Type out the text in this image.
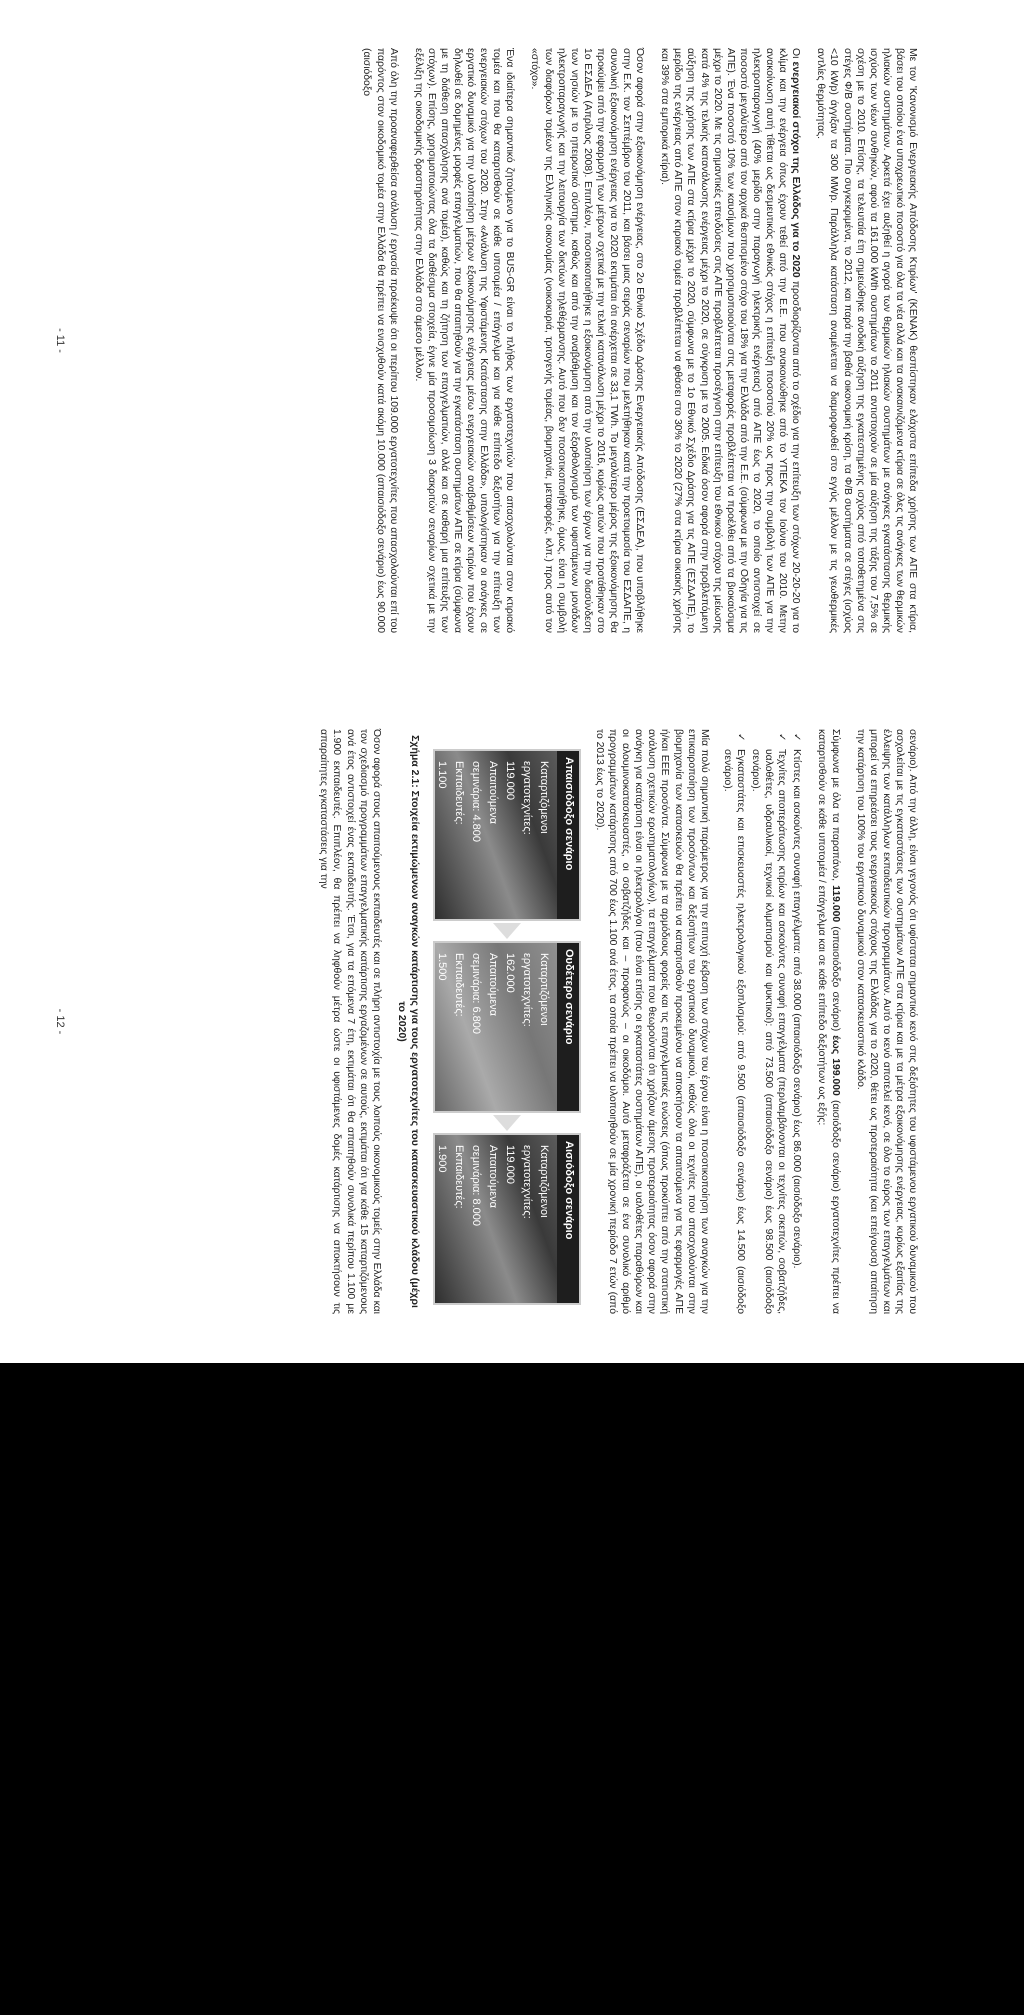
Με τον 'Κανονισμό Ενεργειακής Απόδοσης Κτιρίων' (ΚΕΝΑΚ) θεσπίστηκαν ελάχιστα επίπεδα χρήσης των ΑΠΕ στα κτίρια, βάσει του οποίου ένα υποχρεωτικό ποσοστό για όλα τα νέα αλλά και τα ανακαινιζόμενα κτίρια σε όλες τις ανάγκες των θερμικών ηλιακών συστημάτων. Αρκετά έχει αυξηθεί η αγορά των θερμικών ηλιακών συστημάτων με ανάγκες εγκατάστασης θερμικής ισχύος των νέων συνθηκών, αφού τα 161.000 kWth συστημάτων το 2011 αντιστοιχούν σε μία αύξηση της τάξης του 7,5% σε σχέση με το 2010. Επίσης, τα τελευταία έτη σημειώθηκε ανοδική αύξηση της εγκατεστημένης ισχύος από τοποθετημένα στις στέγες Φ/Β συστήματα. Πιο συγκεκριμένα, το 2012, και παρά την βαθιά οικονομική κρίση, τα Φ/Β συστήματα σε στέγες (ισχύος <10 kWp) άγγιξαν τα 300 MWp. Παράλληλα κατάσταση αναμένεται να διαμορφωθεί στο εγγύς μέλλον με τις γεωθερμικές αντλίες θερμότητας.

Οι ενεργειακοί στόχοι της Ελλάδος για το 2020 προσδιορίζονται από το σχέδιο για την επίτευξη των στόχων 20-20-20 για το κλίμα και την ενέργεια όπως έχουν τεθεί από την Ε.Ε. που ανακοινώθηκε από το ΥΠΕΚΑ τον Ιούνιο του 2010. Μετην ανακοίνωση αυτή τίθεται ως δεσμευτικός εθνικός στόχος η επίτευξη ποσοστού 20% ως προς την συμβολή των ΑΠΕ για την ηλεκτροπαραγωγή (40% μερίδιο στην παραγωγή ηλεκτρικής ενέργειας) από ΑΠΕ έως το 2020, το οποίο αντιστοιχεί σε ποσοστό μεγαλύτερο από τον αρχικά θεσπισμένο στόχο του 18% για την Ελλάδα από την Ε.Ε. (σύμφωνα με την Οδηγία για τις ΑΠΕ). Ένα ποσοστό 10% των καυσίμων που χρησιμοποιούνται στις μεταφορές προβλέπεται να προέλθει από τα βιοκαύσιμα μέχρι το 2020. Με τις σημαντικές επενδύσεις στις ΑΠΕ προβλέπεται προσέγγιση στην επίτευξη του εθνικού στόχου της μείωσης κατά 4% της τελικής κατανάλωσης ενέργειας μέχρι το 2020, σε σύγκριση με το 2005. Ειδικά όσον αφορά στην προβλεπόμενη αύξηση της χρήσης των ΑΠΕ στα κτίρια μέχρι το 2020, σύμφωνα με το 1ο Εθνικό Σχέδιο Δράσης για τις ΑΠΕ (ΕΣΔΑΠΕ), το μερίδιο της ενέργειας από ΑΠΕ στον κτιριακό τομέα προβλέπεται να φθάσει στο 30% το 2020 (27% στα κτίρια οικιακής χρήσης και 39% στα εμπορικά κτίρια).

Όσον αφορά στην εξοικονόμηση ενέργειας, στο 2ο Εθνικό Σχέδιο Δράσης Ενεργειακής Απόδοσης (ΕΣΔΕΑ), που υποβλήθηκε στην Ε.Κ. τον Σεπτέμβριο του 2011, και βάσει μιας σειράς σεναρίων που μελετήθηκαν κατά την προετοιμασία του ΕΣΔΑΠΕ, η συνολική εξοικονόμηση ενέργειας για το 2020 εκτιμάται ότι ανέρχεται σε 33,1 TWh. Το μεγαλύτερο μέρος της εξοικονόμησης θα προκύψει από την εφαρμογή των μέτρων σχετικά με την τελική κατανάλωση μέχρι το 2016, κυρίως αυτών που προτάθηκαν στο 1ο ΕΣΔΕΑ (Απρίλιος 2008). Επιπλέον, ποσοτικοποιήθηκε η εξοικονόμηση από την υλοποίηση των έργων για την διασύνδεση των νησιών με το ηπειρωτικό σύστημα, καθώς και από την αναβάθμιση και τον εξορθολογισμό των υφιστάμενων μονάδων ηλεκτροπαραγωγής και την λειτουργία των δικτύων τηλεθέρμανσης. Αυτό που δεν ποσοτικοποιήθηκε, όμως, είναι η συμβολή των διαφόρων τομέων της Ελληνικής οικονομίας (νοικοκυριά, τριτογενής τομέας, βιομηχανία, μεταφορές, κλπ.) προς αυτό τον «στόχο».

Ένα ιδιαίτερα σημαντικό ζητούμενο για το BUS-GR είναι το πλήθος των εργατοτεχνιτών που απασχολούνται στον κτιριακό τομέα και που θα καταρτισθούν σε κάθε υποτομέα / επάγγελμα και για κάθε επίπεδο δεξιοτήτων για την επίτευξη των ενεργειακών στόχων του 2020. Στην «Ανάλυση της Υφιστάμενης Κατάστασης στην Ελλάδα», υπολογίστηκαν οι ανάγκες σε εργατικό δυναμικό για την υλοποίηση μέτρων εξοικονόμησης ενέργειας μέσω ενεργειακών αναβαθμίσεων κτιρίων που έχουν δηλωθεί σε δομημένες μορφές επαγγελματιών, που θα απαιτηθούν για την εγκατάσταση συστημάτων ΑΠΕ σε κτίρια (σύμφωνα με τη διάθεση απασχόλησης ανά τομέα), καθώς και τη ζήτηση των επαγγελματιών, αλλά και σε καθαρή μια επίτευξης των στόχων). Επίσης, χρησιμοποιώντας όλα τα διαθέσιμα στοιχεία, έγινε μία προσομοίωση 3 διακριτών σεναρίων σχετικά με την εξέλιξη της οικοδομικής δραστηριότητας στην Ελλάδα στο άμεσο μέλλον.

Από όλη την προαναφερθείσα ανάλυση / εργασία προέκυψε ότι οι περίπου 109.000 εργατοτεχνίτες που απασχολούνται επί του παρόντος στον οικοδομικό τομέα στην Ελλάδα θα πρέπει να ενισχυθούν κατά ακόμη 10.000 (απαισιόδοξο σενάριο) έως 90.000 (αισιόδοξο

- 11 -

σενάριο). Από την άλλη, είναι γεγονός ότι υφίσταται σημαντικό κενό στις δεξιότητες του υφιστάμενου εργατικού δυναμικού που ασχολείται με τις εγκαταστάσεις των συστημάτων ΑΠΕ στα κτίρια και με τα μέτρα εξοικονόμησης ενέργειας, κυρίως εξαιτίας της έλλειψης των κατάλληλων εκπαιδευτικών προγραμμάτων. Αυτό το κενό αποτελεί κενό, σε όλο το εύρος των επαγγελμάτων και μπορεί να επηρεάσει τους ενεργειακούς στόχους της Ελλάδας για το 2020, θέτει ως προτεραιότητα (και επείγουσα) απαίτηση την κατάρτιση του 100% του εργατικού δυναμικού στον κατασκευαστικό κλάδο.

Σύμφωνα με όλα τα παραπάνω, 119.000 (απαισιόδοξο σενάριο) έως 199.000 (αισιόδοξο σενάριο) εργατοτεχνίτες πρέπει να καταρτισθούν σε κάθε υποτομέα / επάγγελμα και σε κάθε επίπεδο δεξιοτήτων ως εξής:

✓ Κτίστες και ασκούντες συναφή επαγγέλματα: από 38.000 (απαισιόδοξο σενάριο) έως 86.000 (αισιόδοξο σενάριο).
✓ Τεχνίτες αποπεράτωσης κτιρίων και ασκούντες συναφή επαγγέλματα (περιλαμβάνονται οι τεχνίτες σκεπών, σοβατζήδες, υαλοθέτες, υδραυλικοί, τεχνικοί κλιματισμού και ψυκτικοί): από 73.500 (απαισιόδοξο σενάριο) έως 98.500 (αισιόδοξο σενάριο).
✓ Εγκαταστάτες και επισκευαστές ηλεκτρολογικού εξοπλισμού: από 9.500 (απαισιόδοξο σενάριο) έως 14.500 (αισιόδοξο σενάριο).

Μία πολύ σημαντική παράμετρος για την επιτυχή έκβαση των στόχων του έργου είναι η ποσοτικοποίηση των αναγκών για την επικαιροποίηση των προσόντων και δεξιοτήτων του εργατικού δυναμικού, καθώς όλοι οι τεχνίτες που απασχολούνται στην βιομηχανία των κατασκευών θα πρέπει να καταρτισθούν προκειμένου να αποκτήσουν τα απαιτούμενα για τις εφαρμογές ΑΠΕ ή/και ΕΕΕ προσόντα. Σύμφωνα με τα αρμόδιους φορείς και τις επαγγελματικές ενώσεις (όπως προκύπτει από την στατιστική ανάλυση σχετικών ερωτηματολογίων), τα επαγγέλματα που θεωρούνται ότι χρήζουν άμεσης προτεραιότητας όσον αφορά στην ανάγκη για κατάρτιση είναι οι ηλεκτρολόγοι (που είναι επίσης οι εγκαταστάτες συστημάτων ΑΠΕ), οι υαλοθέτες παραθύρων και οι αλουμινοκατασκευαστές, οι σοβατζήδες και – προφανώς – οι οικοδόμοι. Αυτό μεταφράζεται σε ένα συνολικό αριθμό προγραμμάτων κατάρτισης από 700 έως 1.100 ανά έτος, τα οποία πρέπει να υλοποιηθούν σε μία χρονική περίοδο 7 ετών (από το 2013 έως το 2020).

Απαισιόδοξο σενάριο
Καταρτιζόμενοι
εργατοτεχνίτες:
119.000
Απαιτούμενα
σεμινάρια: 4.800
Εκπαιδευτές:
1.100
Ουδέτερο σενάριο
Καταρτιζόμενοι
εργατοτεχνίτες:
162.000
Απαιτούμενα
σεμινάρια: 6.800
Εκπαιδευτές:
1.500
Αισιόδοξο σενάριο
Καταρτιζόμενοι
εργατοτεχνίτες:
119.000
Απαιτούμενα
σεμινάρια: 8.000
Εκπαιδευτές:
1.900
Σχήμα 2.1: Στοιχεία εκτιμώμενων αναγκών κατάρτισης για τους εργατοτεχνίτες του κατασκευαστικού κλάδου (μέχρι το 2020)

Όσον αφορά στους απαιτούμενους εκπαιδευτές και σε πλήρη αντιστοιχία με τους λοιπούς οικονομικούς τομείς στην Ελλάδα και τον σχεδιασμό προγραμμάτων επαγγελματικής κατάρτισης εργαζομένων σε αυτούς, εκτιμάται ότι για κάθε 15 καταρτιζόμενους ανά έτος αντιστοιχεί ένας εκπαιδευτής. Έτσι, για τα επόμενα 7 έτη, εκτιμάται ότι θα απαιτηθούν συνολικά περίπου 1.100 με 1.900 εκπαιδευτές. Επιπλέον, θα πρέπει να ληφθούν μέτρα ώστε οι υφιστάμενες δομές κατάρτισης να αποκτήσουν τις απαραίτητες εγκαταστάσεις για την

- 12 -
